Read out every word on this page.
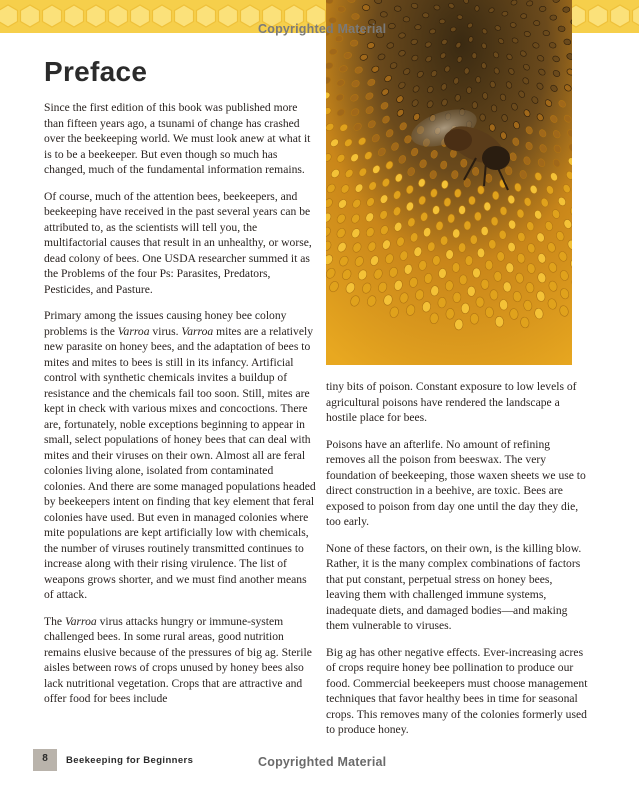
Copyrighted Material
Preface

Since the first edition of this book was published more than fifteen years ago, a tsunami of change has crashed over the beekeeping world. We must look anew at what it is to be a beekeeper. But even though so much has changed, much of the fundamental information remains.

Of course, much of the attention bees, beekeepers, and beekeeping have received in the past several years can be attributed to, as the scientists will tell you, the multifactorial causes that result in an unhealthy, or worse, dead colony of bees. One USDA researcher summed it as the Problems of the four Ps: Parasites, Predators, Pesticides, and Pasture.

Primary among the issues causing honey bee colony problems is the Varroa virus. Varroa mites are a relatively new parasite on honey bees, and the adaptation of bees to mites and mites to bees is still in its infancy. Artificial control with synthetic chemicals invites a buildup of resistance and the chemicals fail too soon. Still, mites are kept in check with various mixes and concoctions. There are, fortunately, noble exceptions beginning to appear in small, select populations of honey bees that can deal with mites and their viruses on their own. Almost all are feral colonies living alone, isolated from contaminated colonies. And there are some managed populations headed by beekeepers intent on finding that key element that feral colonies have used. But even in managed colonies where mite populations are kept artificially low with chemicals, the number of viruses routinely transmitted continues to increase along with their rising virulence. The list of weapons grows shorter, and we must find another means of attack.

The Varroa virus attacks hungry or immune-system challenged bees. In some rural areas, good nutrition remains elusive because of the pressures of big ag. Sterile aisles between rows of crops unused by honey bees also lack nutritional vegetation. Crops that are attractive and offer food for bees include

tiny bits of poison. Constant exposure to low levels of agricultural poisons have rendered the landscape a hostile place for bees.

Poisons have an afterlife. No amount of refining removes all the poison from beeswax. The very foundation of beekeeping, those waxen sheets we use to direct construction in a beehive, are toxic. Bees are exposed to poison from day one until the day they die, too early.

None of these factors, on their own, is the killing blow. Rather, it is the many complex combinations of factors that put constant, perpetual stress on honey bees, leaving them with challenged immune systems, inadequate diets, and damaged bodies—and making them vulnerable to viruses.

Big ag has other negative effects. Ever-increasing acres of crops require honey bee pollination to produce our food. Commercial beekeepers must choose management techniques that favor healthy bees in time for seasonal crops. This removes many of the colonies formerly used to produce honey.

8	Beekeeping for Beginners	Copyrighted Material
